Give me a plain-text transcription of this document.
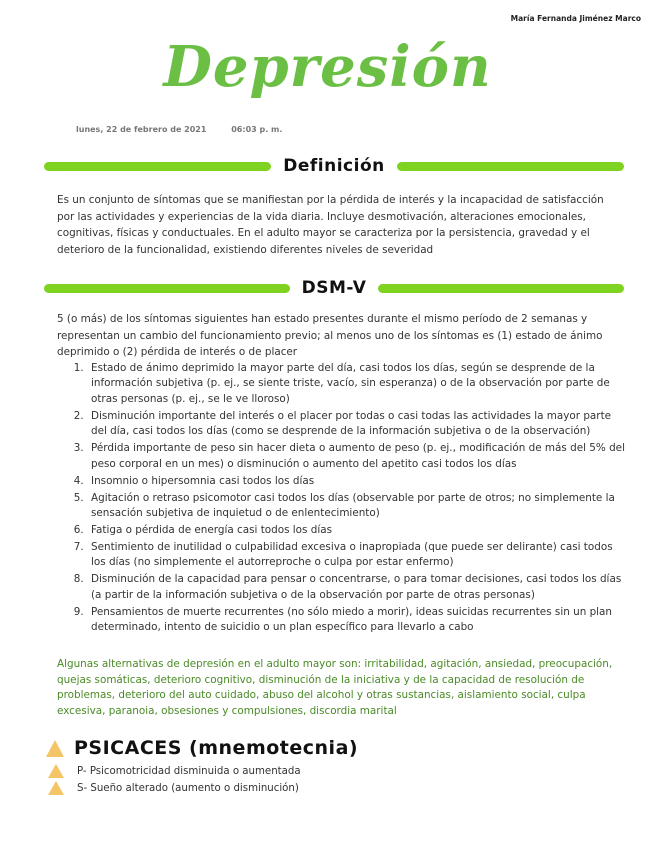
María Fernanda Jiménez Marco
Depresión
lunes, 22 de febrero de 2021	06:03 p. m.
Definición

Es un conjunto de síntomas que se manifiestan por la pérdida de interés y la incapacidad de satisfacción por las actividades y experiencias de la vida diaria. Incluye desmotivación, alteraciones emocionales, cognitivas, físicas y conductuales. En el adulto mayor se caracteriza por la persistencia, gravedad y el deterioro de la funcionalidad, existiendo diferentes niveles de severidad

DSM-V

5 (o más) de los síntomas siguientes han estado presentes durante el mismo período de 2 semanas y representan un cambio del funcionamiento previo; al menos uno de los síntomas es (1) estado de ánimo deprimido o (2) pérdida de interés o de placer

1. Estado de ánimo deprimido la mayor parte del día, casi todos los días, según se desprende de la información subjetiva (p. ej., se siente triste, vacío, sin esperanza) o de la observación por parte de otras personas (p. ej., se le ve lloroso)
2. Disminución importante del interés o el placer por todas o casi todas las actividades la mayor parte del día, casi todos los días (como se desprende de la información subjetiva o de la observación)
3. Pérdida importante de peso sin hacer dieta o aumento de peso (p. ej., modificación de más del 5% del peso corporal en un mes) o disminución o aumento del apetito casi todos los días
4. Insomnio o hipersomnia casi todos los días
5. Agitación o retraso psicomotor casi todos los días (observable por parte de otros; no simplemente la sensación subjetiva de inquietud o de enlentecimiento)
6. Fatiga o pérdida de energía casi todos los días
7. Sentimiento de inutilidad o culpabilidad excesiva o inapropiada (que puede ser delirante) casi todos los días (no simplemente el autorreproche o culpa por estar enfermo)
8. Disminución de la capacidad para pensar o concentrarse, o para tomar decisiones, casi todos los días (a partir de la información subjetiva o de la observación por parte de otras personas)
9. Pensamientos de muerte recurrentes (no sólo miedo a morir), ideas suicidas recurrentes sin un plan determinado, intento de suicidio o un plan específico para llevarlo a cabo

Algunas alternativas de depresión en el adulto mayor son: irritabilidad, agitación, ansiedad, preocupación, quejas somáticas, deterioro cognitivo, disminución de la iniciativa y de la capacidad de resolución de problemas, deterioro del auto cuidado, abuso del alcohol y otras sustancias, aislamiento social, culpa excesiva, paranoia, obsesiones y compulsiones, discordia marital

PSICACES (mnemotecnia)
P- Psicomotricidad disminuida o aumentada
S- Sueño alterado (aumento o disminución)
